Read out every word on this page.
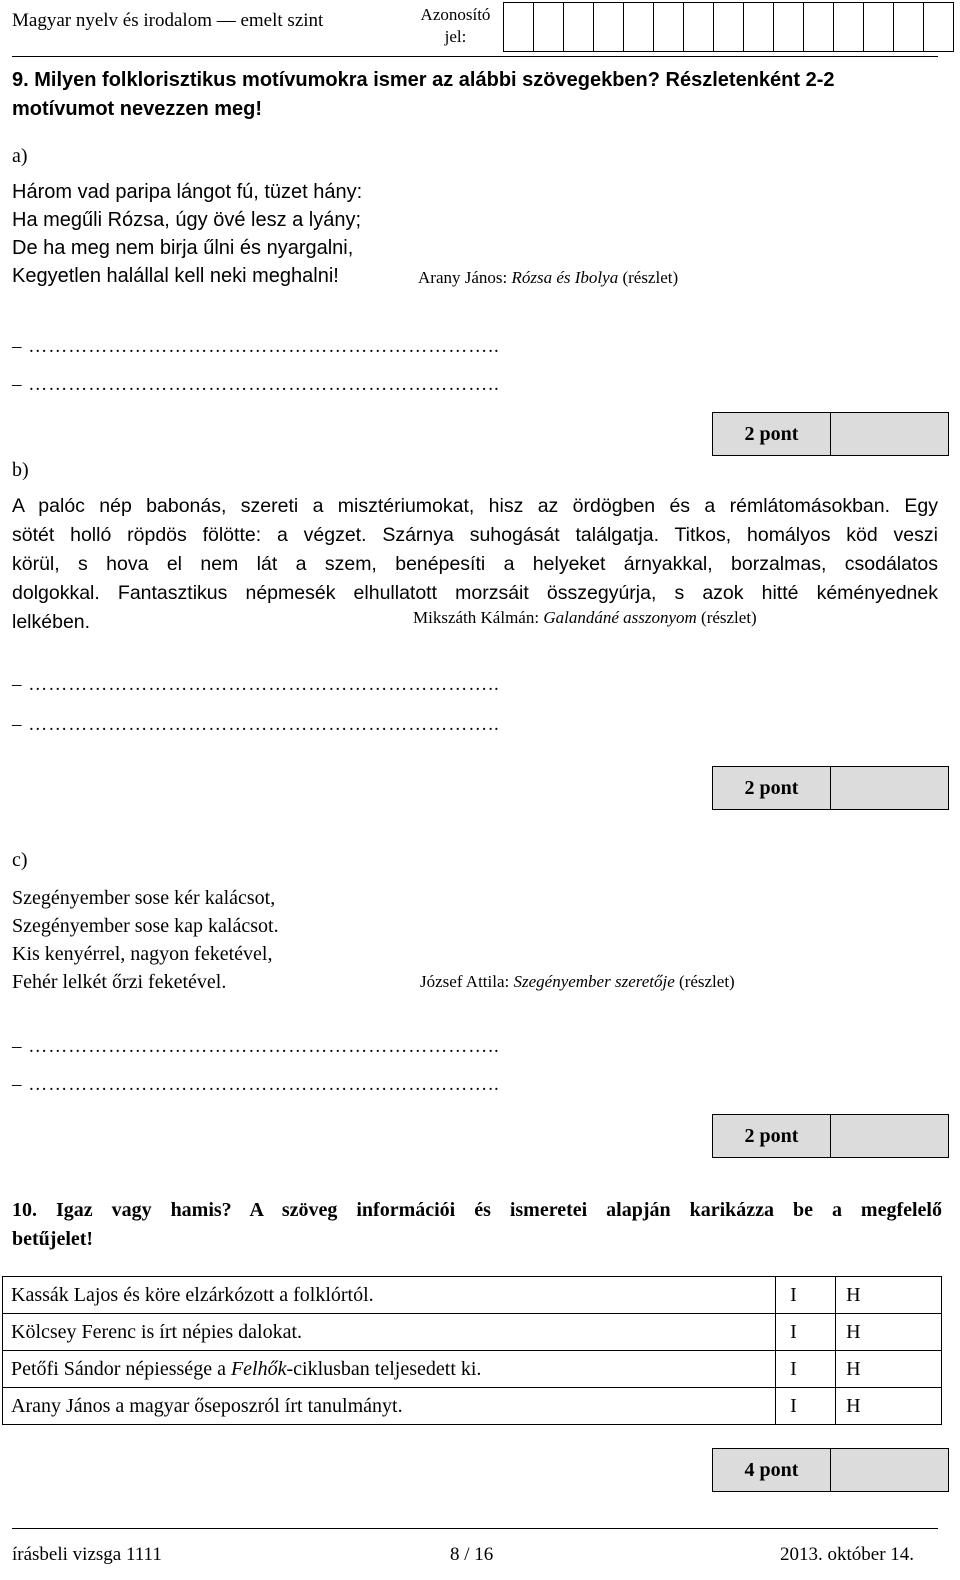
Magyar nyelv és irodalom — emelt szint	Azonosító
jel:
9. Milyen folklorisztikus motívumokra ismer az alábbi szövegekben? Részletenként 2-2
motívumot nevezzen meg!
a)
Három vad paripa lángot fú, tüzet hány:
Ha megűli Rózsa, úgy övé lesz a lyány;
De ha meg nem birja űlni és nyargalni,
Kegyetlen halállal kell neki meghalni!	Arany János: Rózsa és Ibolya (részlet)
– ……………………………………………………………..
– ……………………………………………………………..
2 pont
b)
A palóc nép babonás, szereti a misztériumokat, hisz az ördögben és a rémlátomásokban. Egy
sötét holló röpdös fölötte: a végzet. Szárnya suhogását találgatja. Titkos, homályos köd veszi
körül, s hova el nem lát a szem, benépesíti a helyeket árnyakkal, borzalmas, csodálatos
dolgokkal. Fantasztikus népmesék elhullatott morzsáit összegyúrja, s azok hitté kéményednek
lelkében.	Mikszáth Kálmán: Galandáné asszonyom (részlet)
– ……………………………………………………………..
– ……………………………………………………………..
2 pont
c)
Szegényember sose kér kalácsot,
Szegényember sose kap kalácsot.
Kis kenyérrel, nagyon feketével,
Fehér lelkét őrzi feketével.	József Attila: Szegényember szeretője (részlet)
– ……………………………………………………………..
– ……………………………………………………………..
2 pont
10. Igaz vagy hamis? A szöveg információi és ismeretei alapján karikázza be a megfelelő
betűjelet!
Kassák Lajos és köre elzárkózott a folklórtól.	I	H
Kölcsey Ferenc is írt népies dalokat.	I	H
Petőfi Sándor népiessége a Felhők-ciklusban teljesedett ki.	I	H
Arany János a magyar őseposzról írt tanulmányt.	I	H
4 pont
írásbeli vizsga 1111	8 / 16	2013. október 14.
